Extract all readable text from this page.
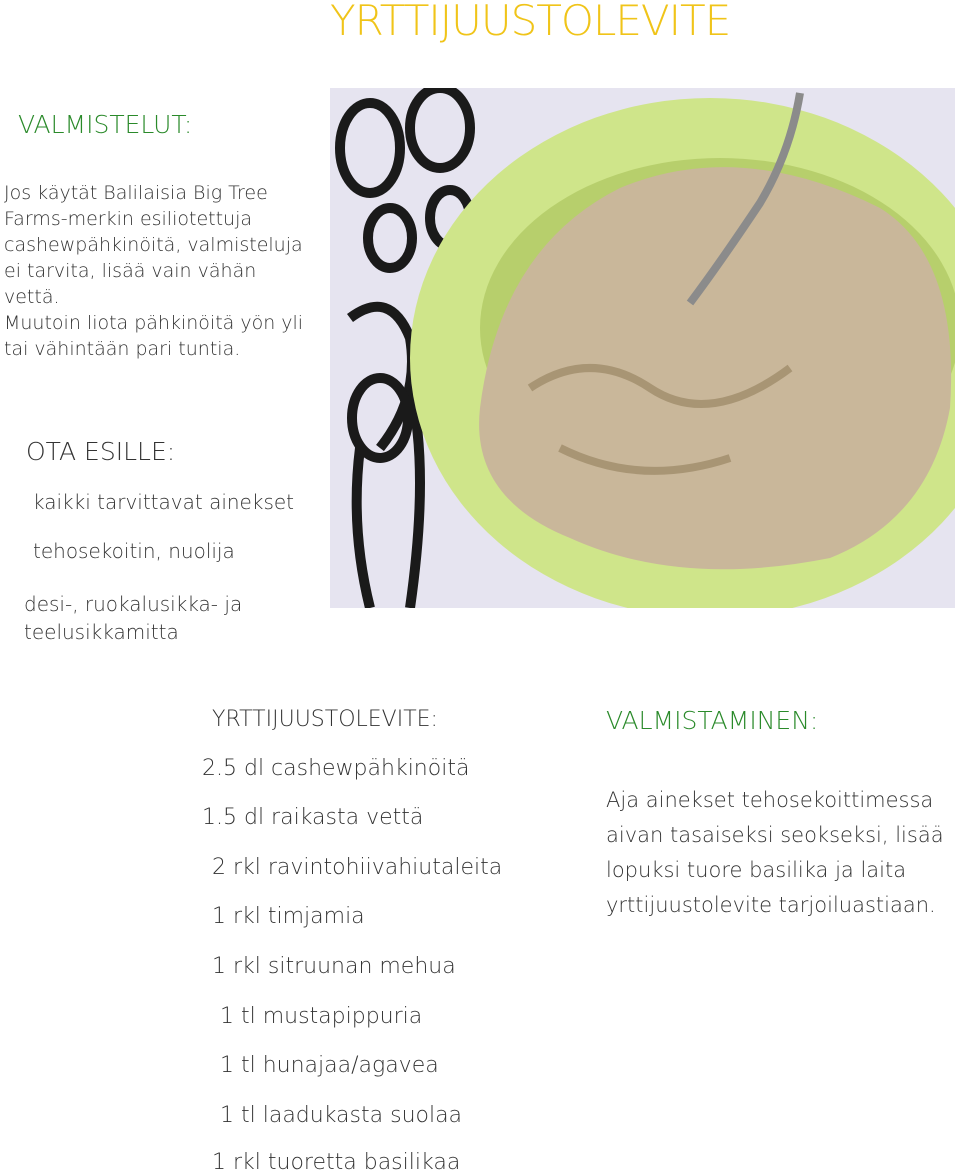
YRTTIJUUSTOLEVITE
VALMISTELUT:
Jos käytät Balilaisia Big Tree Farms-merkin esiliotettuja cashewpähkinöitä, valmisteluja ei tarvita, lisää vain vähän vettä.
Muutoin liota pähkinöitä yön yli tai vähintään pari tuntia.
OTA ESILLE:
kaikki tarvittavat ainekset
tehosekoitin, nuolija
desi-, ruokalusikka- ja teelusikkamitta
YRTTIJUUSTOLEVITE:
2.5 dl cashewpähkinöitä
1.5 dl raikasta vettä
2 rkl ravintohiivahiutaleita
1 rkl timjamia
1 rkl sitruunan mehua
1 tl mustapippuria
1 tl hunajaa/agavea
1 tl laadukasta suolaa
1 rkl tuoretta basilikaa
VALMISTAMINEN:
Aja ainekset tehosekoittimessa aivan tasaiseksi seokseksi, lisää lopuksi tuore basilika ja laita yrttijuustolevite tarjoiluastiaan.
